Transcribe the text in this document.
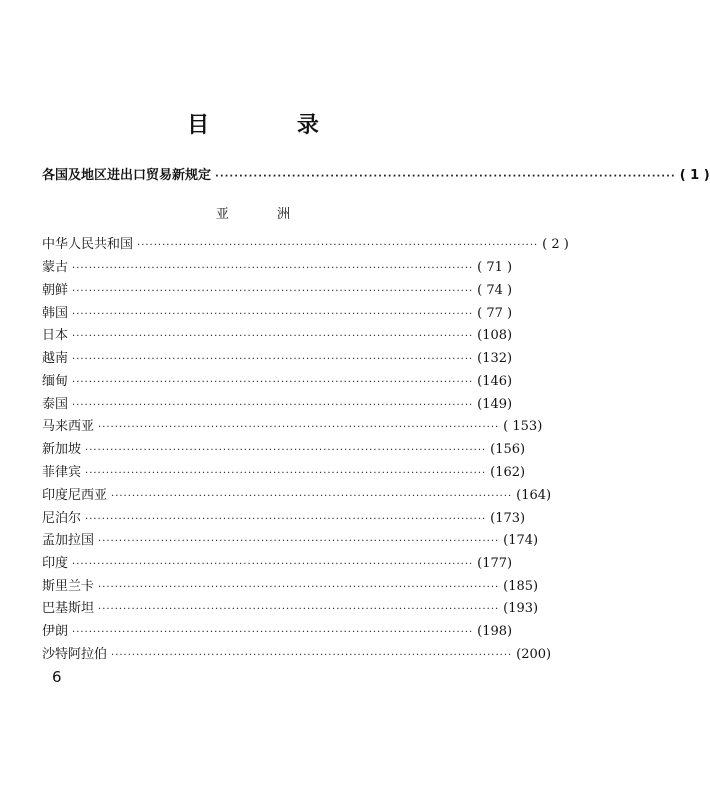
目 录
各国及地区进出口贸易新规定 ································································································ ( 1 )
亚 洲
中华人民共和国 ································································································ ( 2 )
蒙古 ································································································ ( 71 )
朝鲜 ································································································ ( 74 )
韩国 ································································································ ( 77 )
日本 ································································································ (108)
越南 ································································································ (132)
缅甸 ································································································ (146)
泰国 ································································································ (149)
马来西亚 ································································································ ( 153)
新加坡 ································································································ (156)
菲律宾 ································································································ (162)
印度尼西亚 ································································································ (164)
尼泊尔 ································································································ (173)
孟加拉国 ································································································ (174)
印度 ································································································ (177)
斯里兰卡 ································································································ (185)
巴基斯坦 ································································································ (193)
伊朗 ································································································ (198)
沙特阿拉伯 ································································································ (200)
6
